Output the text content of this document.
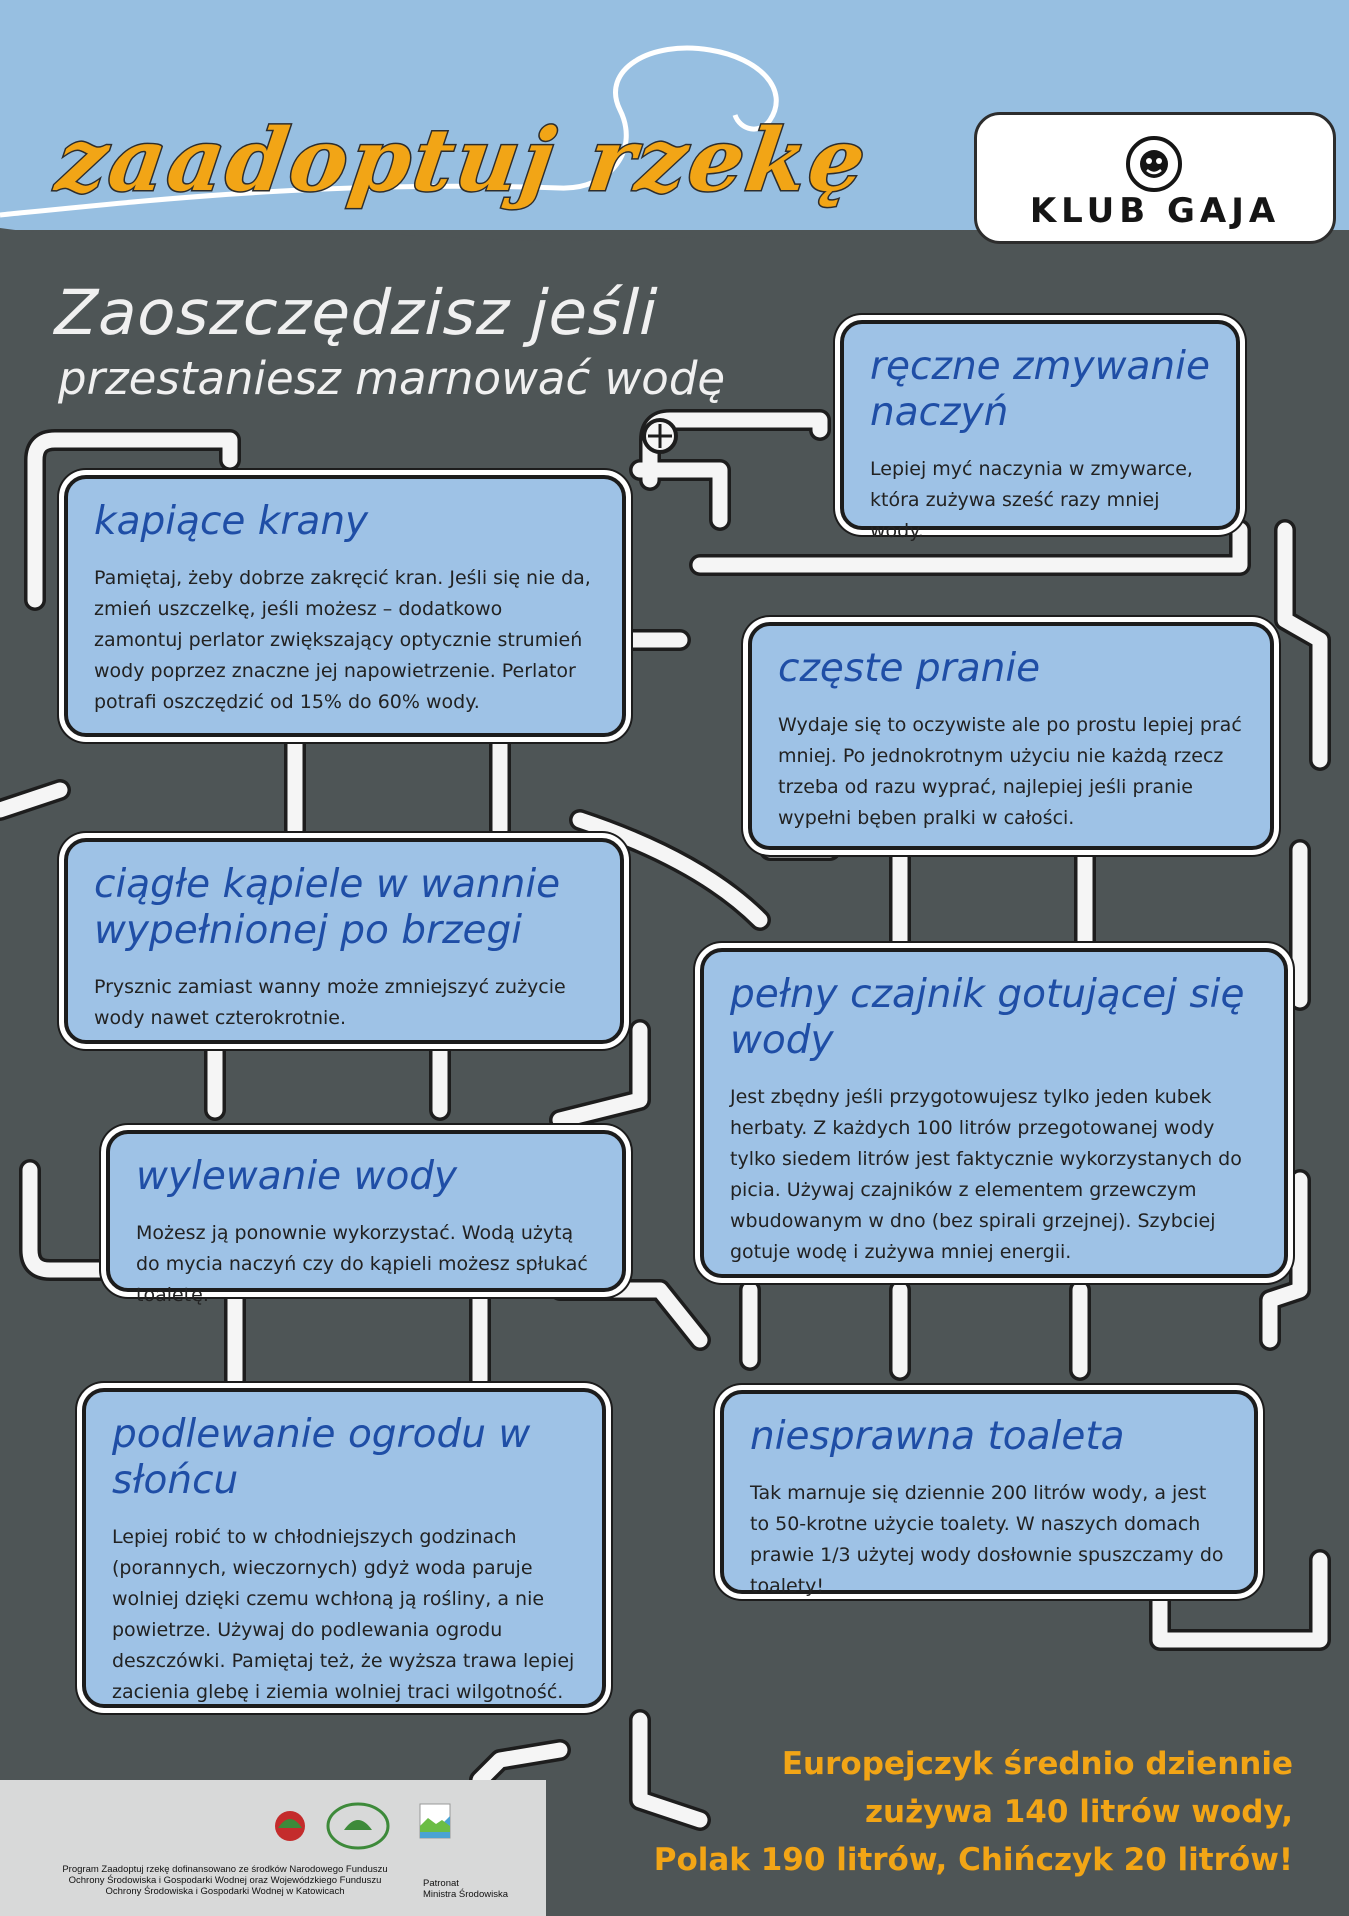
zaadoptuj rzekę	KLUB GAJA
Zaoszczędzisz jeśli
przestaniesz marnować wodę
kapiące krany

Pamiętaj, żeby dobrze zakręcić kran. Jeśli się nie da, zmień uszczelkę, jeśli możesz – dodatkowo zamontuj perlator zwiększający optycznie strumień wody poprzez znaczne jej napowietrzenie. Perlator potrafi oszczędzić od 15% do 60% wody.

ręczne zmywanie naczyń

Lepiej myć naczynia w zmywarce, która zużywa sześć razy mniej wody.

częste pranie

Wydaje się to oczywiste ale po prostu lepiej prać mniej. Po jednokrotnym użyciu nie każdą rzecz trzeba od razu wyprać, najlepiej jeśli pranie wypełni bęben pralki w całości.

ciągłe kąpiele w wannie wypełnionej po brzegi

Prysznic zamiast wanny może zmniejszyć zużycie wody nawet czterokrotnie.

pełny czajnik gotującej się wody

Jest zbędny jeśli przygotowujesz tylko jeden kubek herbaty. Z każdych 100 litrów przegotowanej wody tylko siedem litrów jest faktycznie wykorzystanych do picia. Używaj czajników z elementem grzewczym wbudowanym w dno (bez spirali grzejnej). Szybciej gotuje wodę i zużywa mniej energii.

wylewanie wody

Możesz ją ponownie wykorzystać. Wodą użytą do mycia naczyń czy do kąpieli możesz spłukać toaletę.

podlewanie ogrodu w słońcu

Lepiej robić to w chłodniejszych godzinach (porannych, wieczornych) gdyż woda paruje wolniej dzięki czemu wchłoną ją rośliny, a nie powietrze. Używaj do podlewania ogrodu deszczówki. Pamiętaj też, że wyższa trawa lepiej zacienia glebę i ziemia wolniej traci wilgotność.

niesprawna toaleta

Tak marnuje się dziennie 200 litrów wody, a jest to 50-krotne użycie toalety. W naszych domach prawie 1/3 użytej wody dosłownie spuszczamy do toalety!

Program Zaadoptuj rzekę dofinansowano ze środków Narodowego Funduszu Ochrony Środowiska i Gospodarki Wodnej oraz Wojewódzkiego Funduszu Ochrony Środowiska i Gospodarki Wodnej w Katowicach
Patronat
Ministra Środowiska
Europejczyk średnio dziennie
zużywa 140 litrów wody,
Polak 190 litrów, Chińczyk 20 litrów!
